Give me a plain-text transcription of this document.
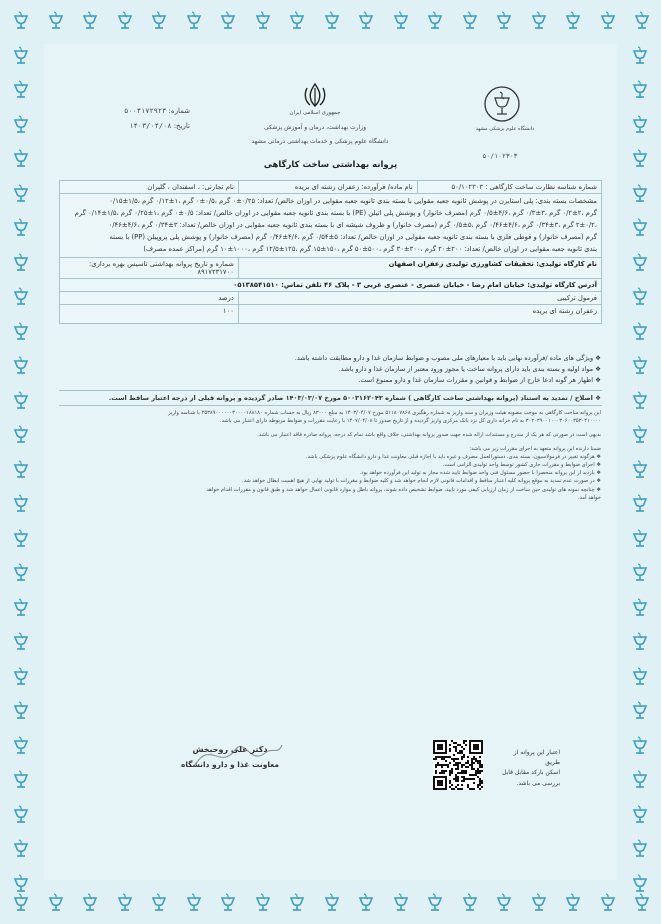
شماره: ۵۰۰۴۱۷۲۹۲۳
تاریخ: ۱۴۰۳/۰۴/۰۸
جمهوری اسلامی ایران
وزارت بهداشت، درمان و آموزش پزشکی
دانشگاه علوم پزشکی و خدمات بهداشتی درمانی مشهد
دانشگاه علوم پزشکی مشهد
۵۰/۱۰۲۳۰۳
پروانه بهداشتی ساخت کارگاهی
شماره شناسه نظارت ساخت کارگاهی : ۵۰/۱۰۲۳۰۳	نام ماده/ فرآورده: زعفران رشته ای بریده	نام تجارتی: ، اسفندان ، گلپران

مشخصات بسته بندی: پلی استایرن در پوشش ثانویه جعبه مقوایی با بسته بندی ثانویه جعبه مقوایی در اوزان خالص/ تعداد: ۰/۲۵±۰ گرم ،۰/۵±۰ گرم ،۱±۰/۱۲ گرم ،۱/۵±۰/۱۵
گرم ،۲±۰/۲ گرم ،۳±۰/۳ گرم ،۴/۶±۰/۵ گرم (مصرف خانوار) و پوشش پلی اتیلن (PE) با بسته بندی ثانویه جعبه مقوایی در اوزان خالص/ تعداد: ۰/۵±۰ گرم ،۱±۰/۲۵ گرم ،۱/۵±۰/۱۴ گرم
،۲±۰/۲ گرم ،۳±۰/۳۴ گرم ،۴/۶±۰/۴۶ گرم ،۵±۰/۵ گرم (مصرف خانوار) و ظروف شیشه ای با بسته بندی ثانویه جعبه مقوایی در اوزان خالص/ تعداد: ۳±۰/۳۴ گرم ،۴/۶±۰/۴۶
گرم (مصرف خانوار) و قوطی فلزی با بسته بندی ثانویه جعبه مقوایی در اوزان خالص/ تعداد: ۵±۰/۵۴ گرم ،۴/۶±۰/۴۶ گرم (مصرف خانوار) و پوشش پلی پروپیلن (PP) با بسته
بندی ثانویه جعبه مقوایی در اوزان خالص/ تعداد: ۲۰۰±۲۰ گرم ،۳۰۰±۳۰ گرم ،۵۰۰±۵۰ گرم ،۱۵۰±۱۵ گرم ،۱۲۵±۱۲/۵ گرم ،۱۰۰۰±۱۰ گرم (مراکز عمده مصرف)		

نام کارگاه تولیدی: تحقیقات کشاورزی تولیدی زعفران اصفهان		شماره و تاریخ پروانه بهداشتی تاسیس بهره برداری: ۸۹۱۷۲۳۱۷۰۰
آدرس کارگاه تولیدی: خیابان امام رضا - خیابان عنصری - عنصری غربی ۳ - پلاک ۴۶ تلفن تماس: ۰۵۱۳۸۵۴۱۵۱۰		
فرمول ترکیبی		درصد
زعفران رشته ای بریده		۱۰۰
❖ ویژگی های ماده /فرآورده نهایی باید با معیارهای ملی مصوب و ضوابط سازمان غذا و دارو مطابقت داشته باشد.
❖ مواد اولیه و بسته بندی باید دارای پروانه ساخت یا مجوز ورود معتبر از سازمان غذا و دارو باشد.
❖ اظهار هر گونه ادعا خارج از ضوابط و قوانین و مقررات سازمان غذا و دارو ممنوع است.
❖ اصلاح / تمدید به استناد (پروانه بهداشتی ساخت کارگاهی ) شماره ۵۰۰۳۱۶۲۰۴۳ مورخ ۱۴۰۳/۰۳/۰۷ صادر گردیده و پروانه قبلی از درجه اعتبار ساقط است.
این پروانه ساخت کارگاهی به موجب مصوبه هیئت وزیران و سند واریز به شماره رهگیری ۵۱۱۸۰۷۸۶۸ مورخ ۱۴۰۳/۰۴/۰۷ به مبلغ ۸۳۰۰۰ ریال به حساب شماره ۳۵۳۸۹۰۰۰۰۰۰۳۰۰۰۰۱۸۸۱۸۰ با شناسه واریز
۳۰۲۰۳۹۰۰۱۰۰۰۳۰۶۰۰۳۵۳۰۴۱۰۰۰۰ به نام خزانه داری کل نزد بانک مرکزی واریز گردیده و از تاریخ صدور تا ۱۴۰۷/۰۴/۰۸ با رعایت مقررات و ضوابط مربوطه دارای اعتبار می باشد.
بدیهی است در صورتی که هر یک از مندرج و مستندات ارائه شده جهت صدور پروانه بهداشتی، خلاف واقع باشد تمام کد درجه، پروانه صادره فاقد اعتبار می باشد.
ضمنا دارنده این پروانه متعهد به اجرای مقررات زیر می باشد:
❖ هرگونه تغییر در فرمولاسیون، بسته بندی، دستورالعمل مصرف و غیره باید با اجازه قبلی معاونت غذا و دارو دانشگاه علوم پزشکی باشد.
❖ اجرای ضوابط و مقررات جاری کشور توسط واحد تولیدی الزامی است.
❖ بازدید از این پروانه منحصرا با حضور مسئول فنی واحد ضوابط تایید شده مجاز به تولید این فرآورده خواهد بود.
❖ در صورت عدم تمدید به موقع پروانه کلیه اعتبار ساقط و اقدامات قانونی لازم انجام خواهد شد و کلیه ضوابط و مقررات با تولید نهایی از هیچ اهمیت ابطال خواهد شد.
❖ چنانچه نمونه های تولیدی حین ساخت از زمان ارزیابی کیفی مورد تایید، ضوابط تشخیص داده شوند، پروانه باطل و موارد قانونی اعمال خواهد شد و طبق قانون و مقررات اقدام خواهد
خواهد آمد.
دکتر علی روحبخش
معاونت غذا و دارو دانشگاه
اعتبار این پروانه از طریق
اسکن بارکد مقابل قابل
بررسی می باشد.
